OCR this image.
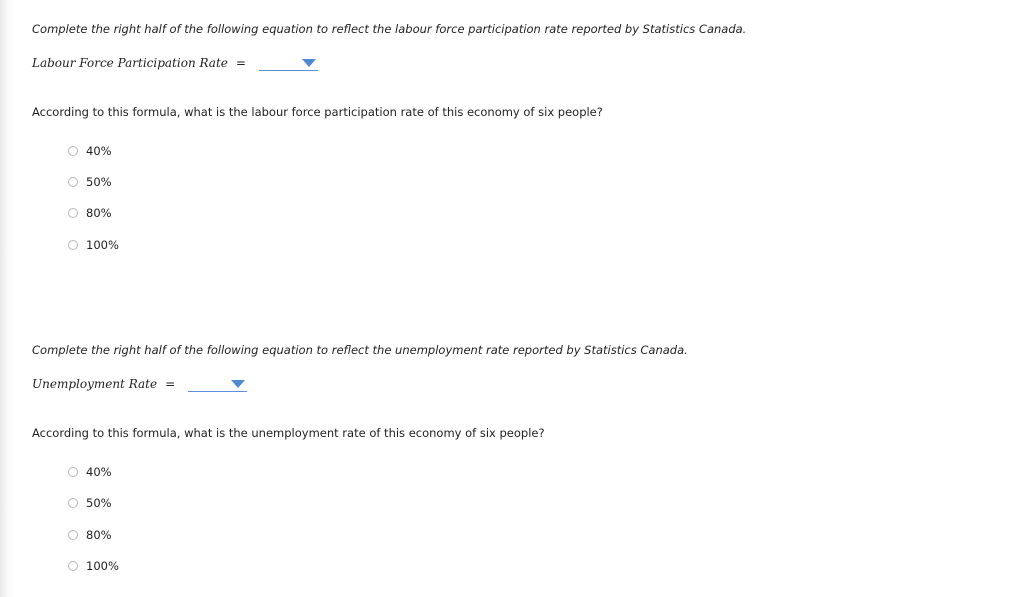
Complete the right half of the following equation to reflect the labour force participation rate reported by Statistics Canada.
Labour Force Participation Rate =
According to this formula, what is the labour force participation rate of this economy of six people?
40%
50%
80%
100%
Complete the right half of the following equation to reflect the unemployment rate reported by Statistics Canada.
Unemployment Rate =
According to this formula, what is the unemployment rate of this economy of six people?
40%
50%
80%
100%
